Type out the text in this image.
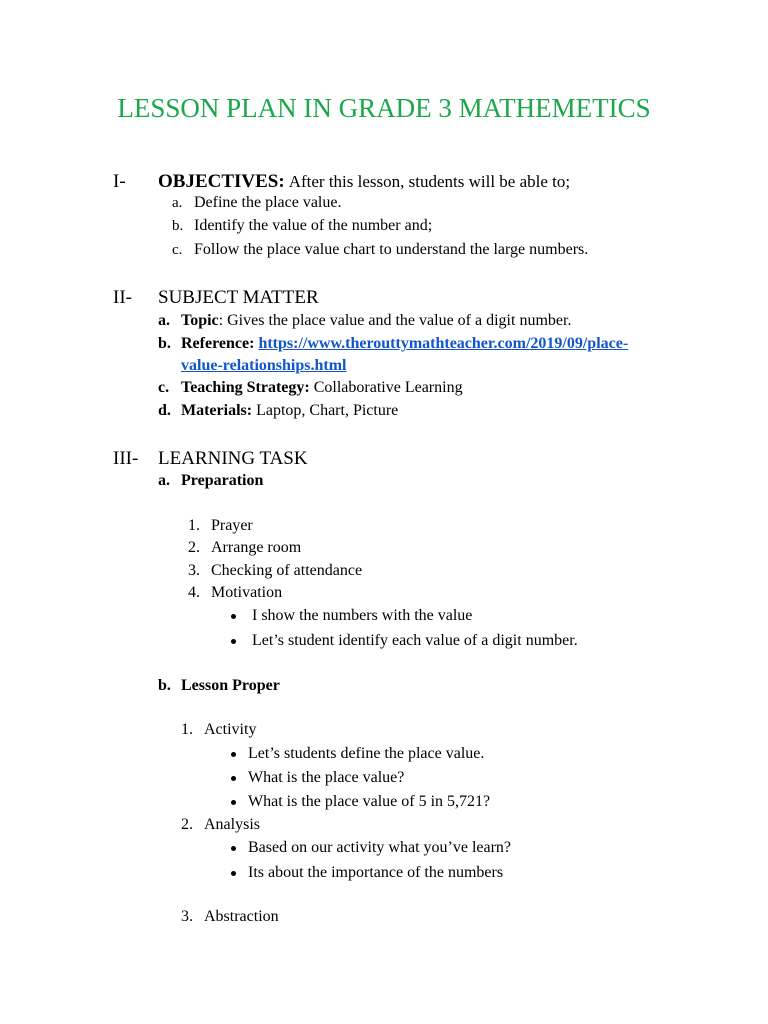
LESSON PLAN IN GRADE 3 MATHEMETICS
I- OBJECTIVES: After this lesson, students will be able to;
a. Define the place value.
b. Identify the value of the number and;
c. Follow the place value chart to understand the large numbers.
II- SUBJECT MATTER
a. Topic: Gives the place value and the value of a digit number.
b. Reference: https://www.therouttymathteacher.com/2019/09/place-
value-relationships.html
c. Teaching Strategy: Collaborative Learning
d. Materials: Laptop, Chart, Picture
III- LEARNING TASK
a. Preparation
1. Prayer
2. Arrange room
3. Checking of attendance
4. Motivation
I show the numbers with the value
Let’s student identify each value of a digit number.
b. Lesson Proper
1. Activity
Let’s students define the place value.
What is the place value?
What is the place value of 5 in 5,721?
2. Analysis
Based on our activity what you’ve learn?
Its about the importance of the numbers
3. Abstraction
